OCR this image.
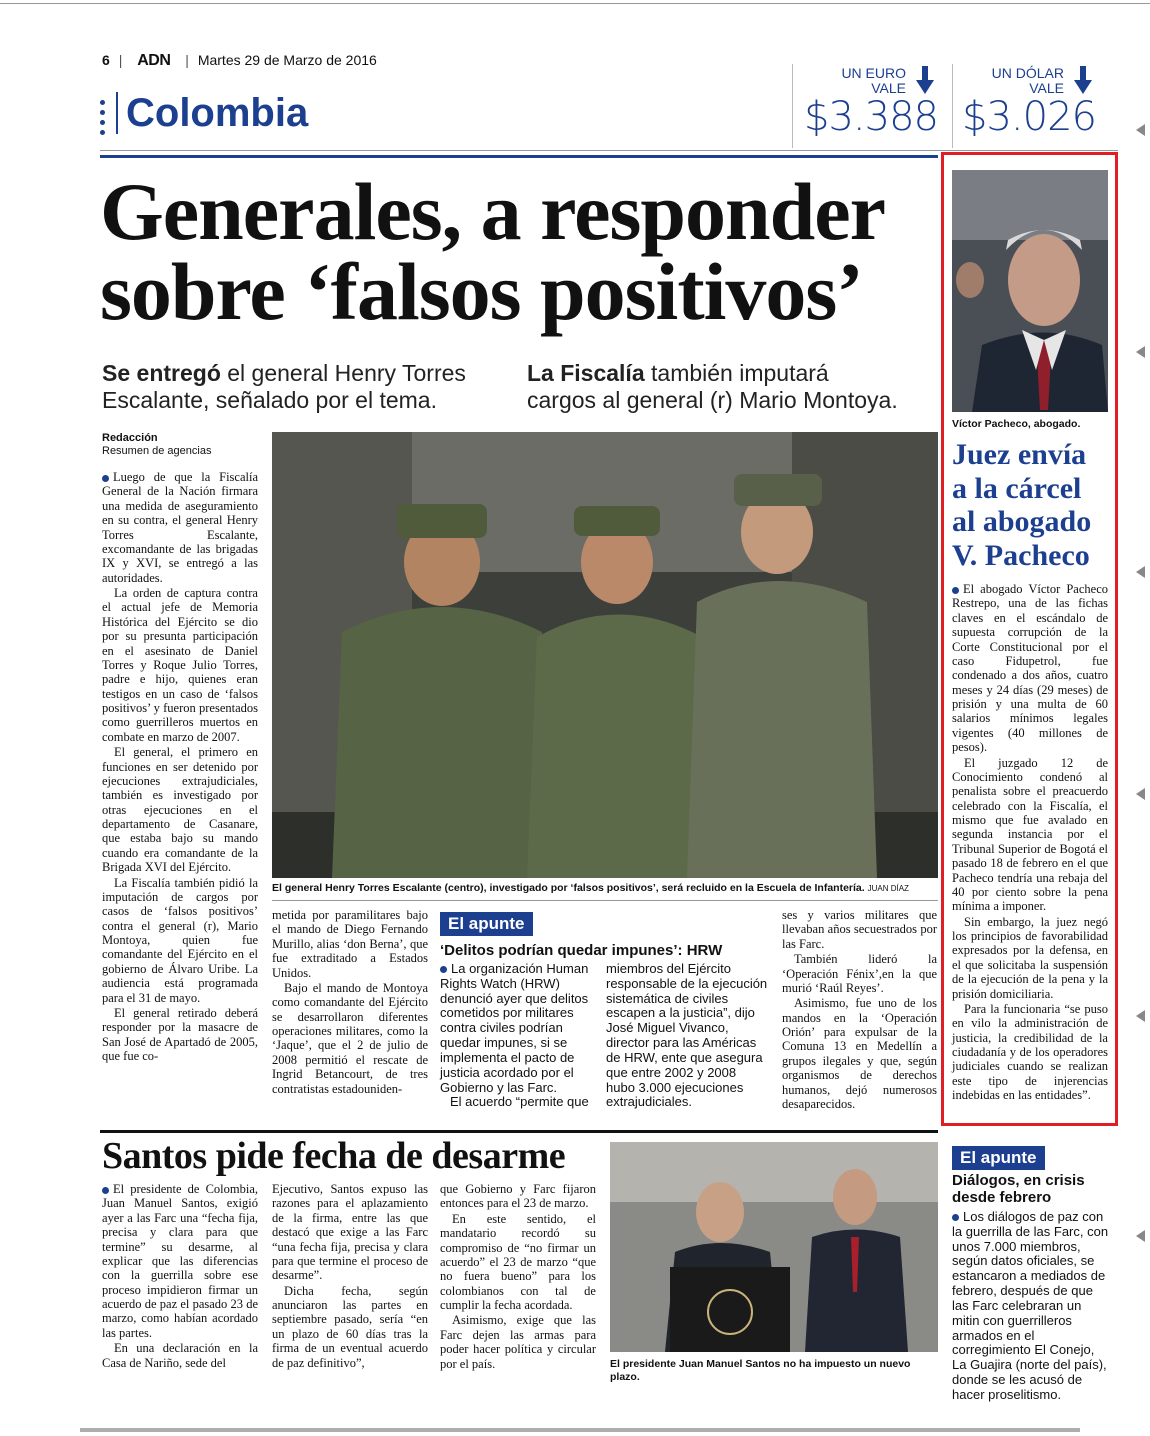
6 | ADN | Martes 29 de Marzo de 2016
Colombia
UN EURO
VALE
$3.388
UN DÓLAR
VALE
$3.026
Generales, a responder
sobre ‘falsos positivos’
Se entregó el general Henry Torres
Escalante, señalado por el tema.
La Fiscalía también imputará
cargos al general (r) Mario Montoya.
Redacción
Resumen de agencias

Luego de que la Fiscalía General de la Nación firmara una medida de aseguramiento en su contra, el general Henry Torres Escalante, excomandante de las brigadas IX y XVI, se entregó a las autoridades.

La orden de captura contra el actual jefe de Memoria Histórica del Ejército se dio por su presunta participación en el asesinato de Daniel Torres y Roque Julio Torres, padre e hijo, quienes eran testigos en un caso de ‘falsos positivos’ y fueron presentados como guerrilleros muertos en combate en marzo de 2007.

El general, el primero en funciones en ser detenido por ejecuciones extrajudiciales, también es investigado por otras ejecuciones en el departamento de Casanare, que estaba bajo su mando cuando era comandante de la Brigada XVI del Ejército.

La Fiscalía también pidió la imputación de cargos por casos de ‘falsos positivos’ contra el general (r), Mario Montoya, quien fue comandante del Ejército en el gobierno de Álvaro Uribe. La audiencia está programada para el 31 de mayo.

El general retirado deberá responder por la masacre de San José de Apartadó de 2005, que fue co-

El general Henry Torres Escalante (centro), investigado por ‘falsos positivos’, será recluido en la Escuela de Infantería. JUAN DÍAZ

metida por paramilitares bajo el mando de Diego Fernando Murillo, alias ‘don Berna’, que fue extraditado a Estados Unidos.

Bajo el mando de Montoya como comandante del Ejército se desarrollaron diferentes operaciones militares, como la ‘Jaque’, que el 2 de julio de 2008 permitió el rescate de Ingrid Betancourt, de tres contratistas estadouniden-

El apunte
‘Delitos podrían quedar impunes’: HRW
La organización Human Rights Watch (HRW) denunció ayer que delitos cometidos por militares contra civiles podrían quedar impunes, si se implementa el pacto de justicia acordado por el Gobierno y las Farc.
El acuerdo “permite que
miembros del Ejército responsable de la ejecución sistemática de civiles escapen a la justicia”, dijo José Miguel Vivanco, director para las Américas de HRW, ente que asegura que entre 2002 y 2008 hubo 3.000 ejecuciones extrajudiciales.

ses y varios militares que llevaban años secuestrados por las Farc.

También lideró la ‘Operación Fénix’,en la que murió ‘Raúl Reyes’.

Asimismo, fue uno de los mandos en la ‘Operación Orión’ para expulsar de la Comuna 13 en Medellín a grupos ilegales y que, según organismos de derechos humanos, dejó numerosos desaparecidos.

Víctor Pacheco, abogado.
Juez envía
a la cárcel
al abogado
V. Pacheco

El abogado Víctor Pacheco Restrepo, una de las fichas claves en el escándalo de supuesta corrupción de la Corte Constitucional por el caso Fidupetrol, fue condenado a dos años, cuatro meses y 24 días (29 meses) de prisión y una multa de 60 salarios mínimos legales vigentes (40 millones de pesos).

El juzgado 12 de Conocimiento condenó al penalista sobre el preacuerdo celebrado con la Fiscalía, el mismo que fue avalado en segunda instancia por el Tribunal Superior de Bogotá el pasado 18 de febrero en el que Pacheco tendría una rebaja del 40 por ciento sobre la pena mínima a imponer.

Sin embargo, la juez negó los principios de favorabilidad expresados por la defensa, en el que solicitaba la suspensión de la ejecución de la pena y la prisión domiciliaria.

Para la funcionaria “se puso en vilo la administración de justicia, la credibilidad de la ciudadanía y de los operadores judiciales cuando se realizan este tipo de injerencias indebidas en las entidades”.

Santos pide fecha de desarme

El presidente de Colombia, Juan Manuel Santos, exigió ayer a las Farc una “fecha fija, precisa y clara para que termine” su desarme, al explicar que las diferencias con la guerrilla sobre ese proceso impidieron firmar un acuerdo de paz el pasado 23 de marzo, como habían acordado las partes.

En una declaración en la Casa de Nariño, sede del

Ejecutivo, Santos expuso las razones para el aplazamiento de la firma, entre las que destacó que exige a las Farc “una fecha fija, precisa y clara para que termine el proceso de desarme”.

Dicha fecha, según anunciaron las partes en septiembre pasado, sería “en un plazo de 60 días tras la firma de un eventual acuerdo de paz definitivo”,

que Gobierno y Farc fijaron entonces para el 23 de marzo.

En este sentido, el mandatario recordó su compromiso de “no firmar un acuerdo” el 23 de marzo “que no fuera bueno” para los colombianos con tal de cumplir la fecha acordada.

Asimismo, exige que las Farc dejen las armas para poder hacer política y circular por el país.	El presidente Juan Manuel Santos no ha impuesto un nuevo plazo.
El apunte
Diálogos, en crisis
desde febrero
Los diálogos de paz con la guerrilla de las Farc, con unos 7.000 miembros, según datos oficiales, se estancaron a mediados de febrero, después de que las Farc celebraran un mitin con guerrilleros armados en el corregimiento El Conejo, La Guajira (norte del país), donde se les acusó de hacer proselitismo.
